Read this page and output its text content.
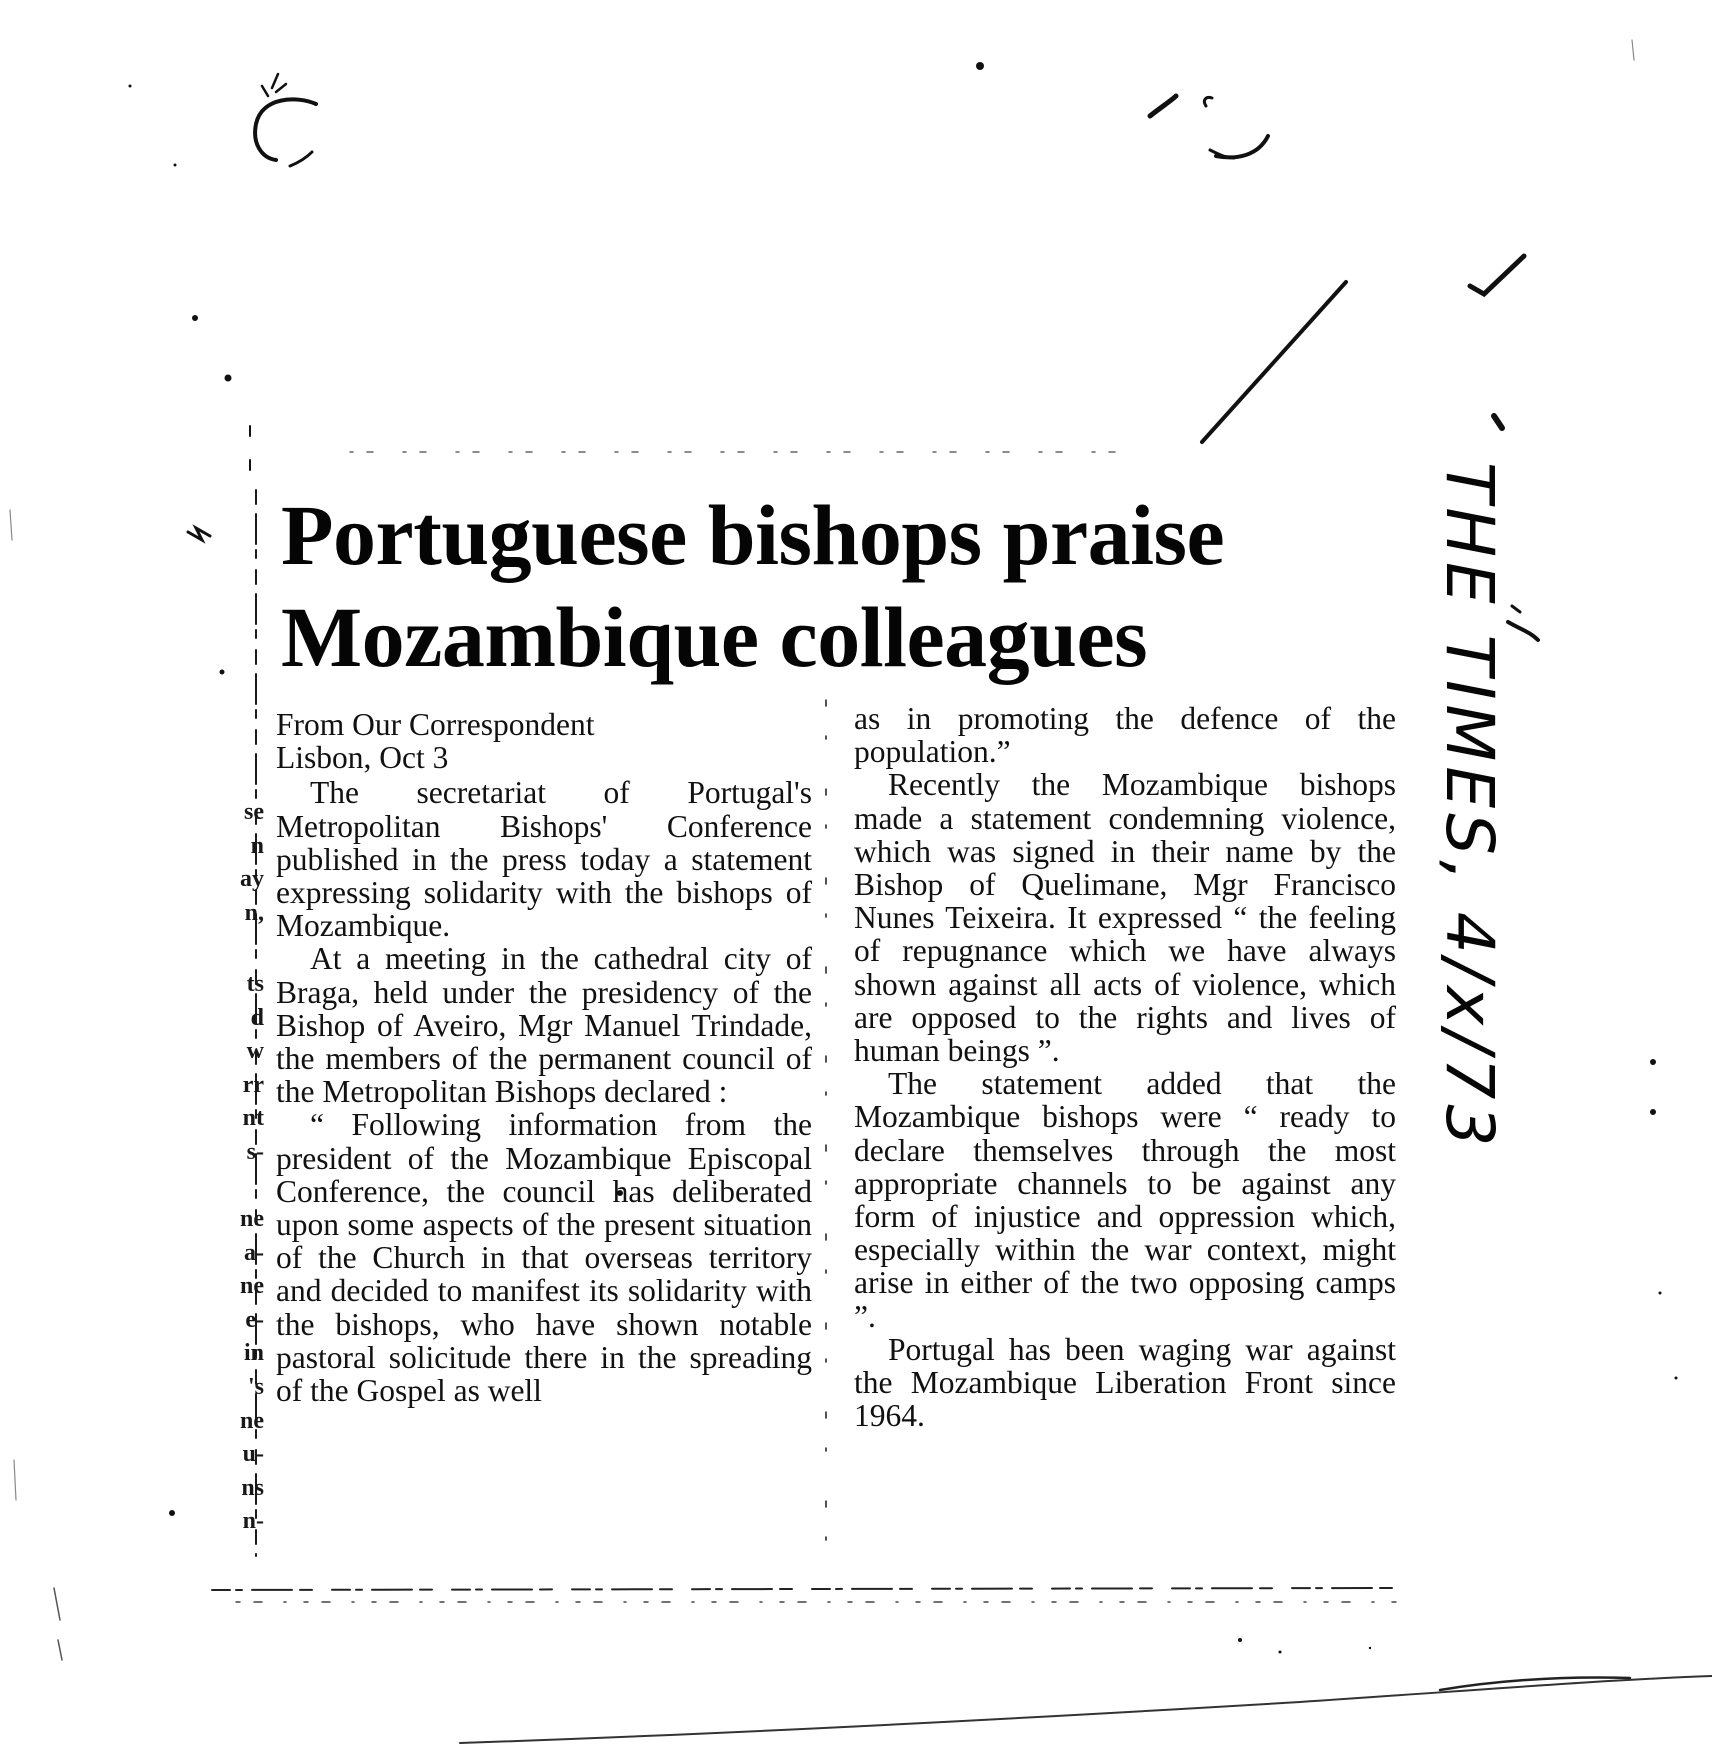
Portuguese bishops praise
Mozambique colleagues
From Our Correspondent
Lisbon, Oct 3

The secretariat of Portugal's Metropolitan Bishops' Conference published in the press today a statement expressing solidarity with the bishops of Mozambique.

At a meeting in the cathedral city of Braga, held under the presidency of the Bishop of Aveiro, Mgr Manuel Trindade, the members of the permanent council of the Metropolitan Bishops declared :

“ Following information from the president of the Mozambique Episcopal Conference, the council has deliberated upon some aspects of the present situation of the Church in that overseas territory and decided to manifest its solidarity with the bishops, who have shown notable pastoral solicitude there in the spreading of the Gospel as well

as in promoting the defence of the population.”

Recently the Mozambique bishops made a statement condemning violence, which was signed in their name by the Bishop of Quelimane, Mgr Francisco Nunes Teixeira. It expressed “ the feeling of repugnance which we have always shown against all acts of violence, which are opposed to the rights and lives of human beings ”.

The statement added that the Mozambique bishops were “ ready to declare themselves through the most appropriate channels to be against any form of injustice and oppression which, especially within the war context, might arise in either of the two opposing camps ”.

Portugal has been waging war against the Mozambique Liberation Front since 1964.

se
n
ay
n,
ts
d
w
rr
nt
s-
ne
a-
ne
e-
in
's
ne
u-
ns
n-
THE TIMES, 4/x/73
